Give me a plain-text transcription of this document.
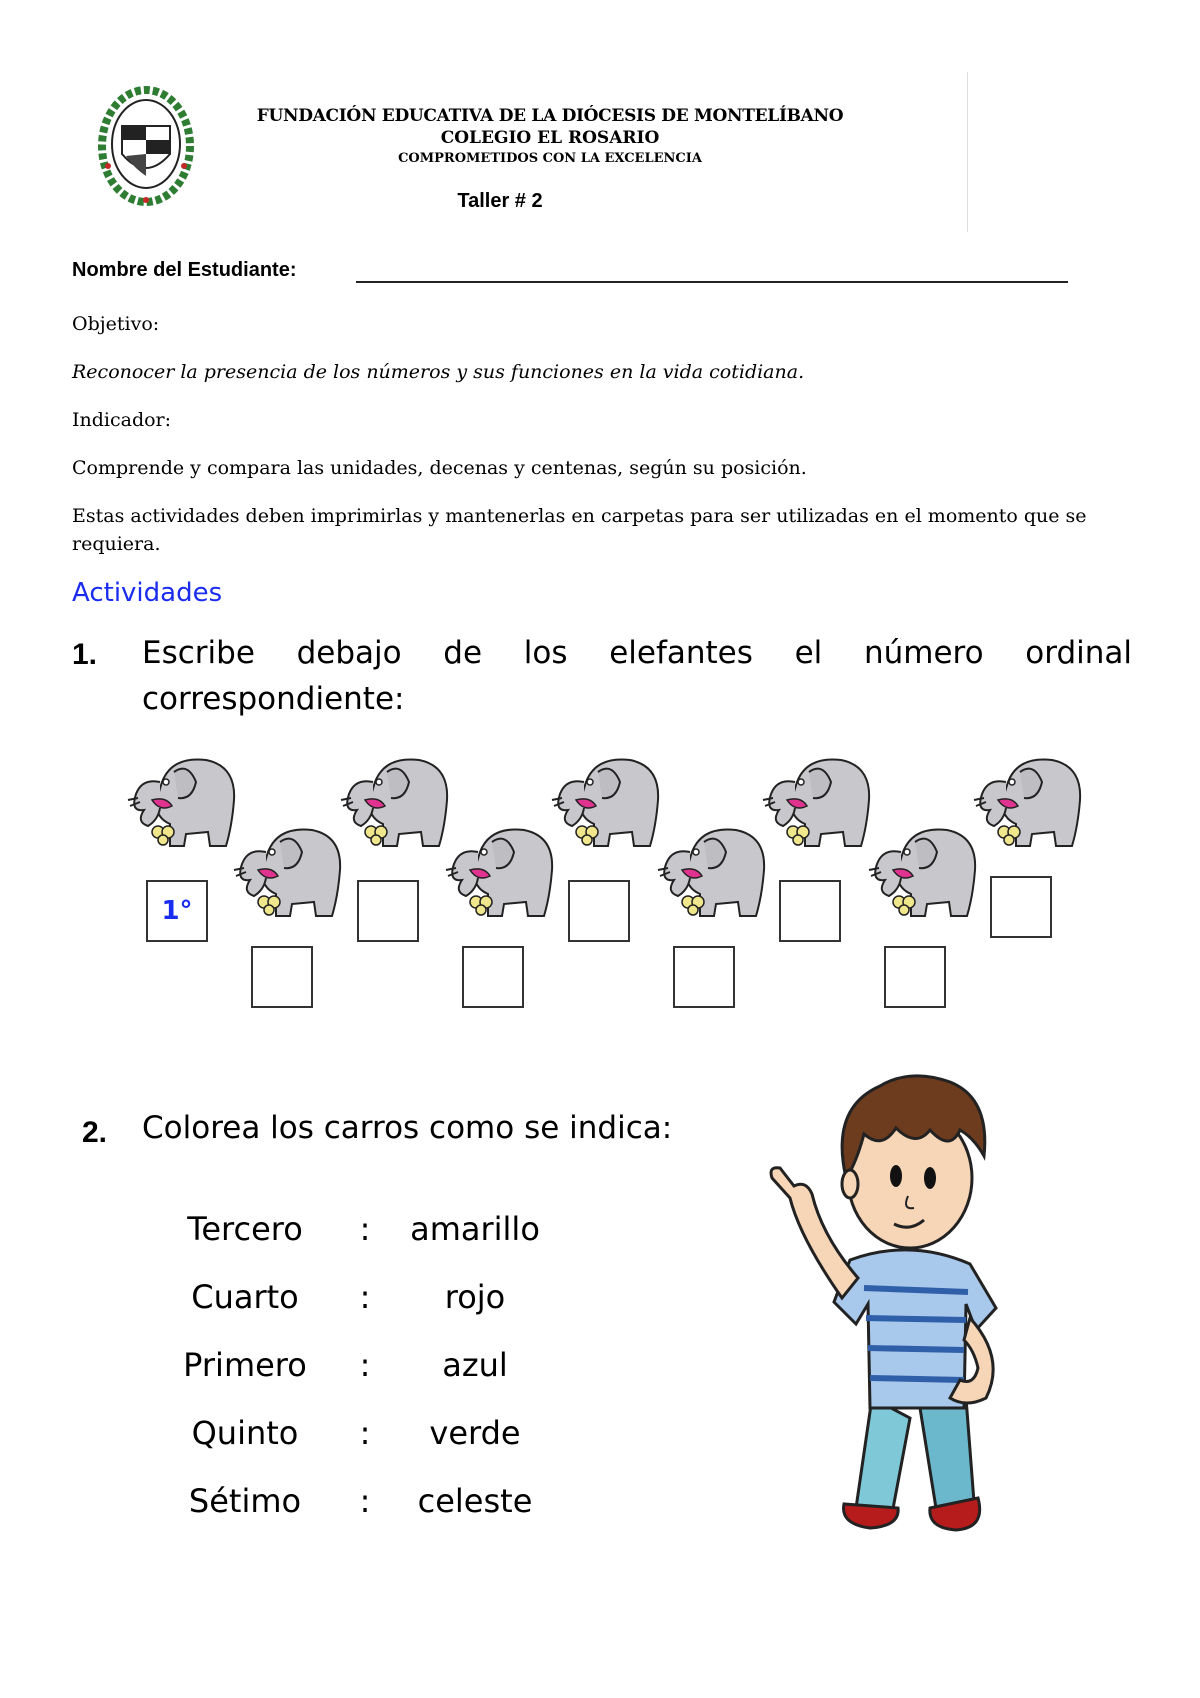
FUNDACIÓN EDUCATIVA DE LA DIÓCESIS DE MONTELÍBANO
COLEGIO EL ROSARIO
COMPROMETIDOS CON LA EXCELENCIA
Taller # 2
Nombre del Estudiante:
Objetivo:
Reconocer la presencia de los números y sus funciones en la vida cotidiana.
Indicador:
Comprende y compara las unidades, decenas y centenas, según su posición.
Estas actividades deben imprimirlas y mantenerlas en carpetas para ser utilizadas en el momento que se requiera.
Actividades
1. Escribe debajo de los elefantes el número ordinal
correspondiente:
1°
2. Colorea los carros como se indica:
Tercero	:	amarillo
Cuarto	:	rojo
Primero	:	azul
Quinto	:	verde
Sétimo	:	celeste
